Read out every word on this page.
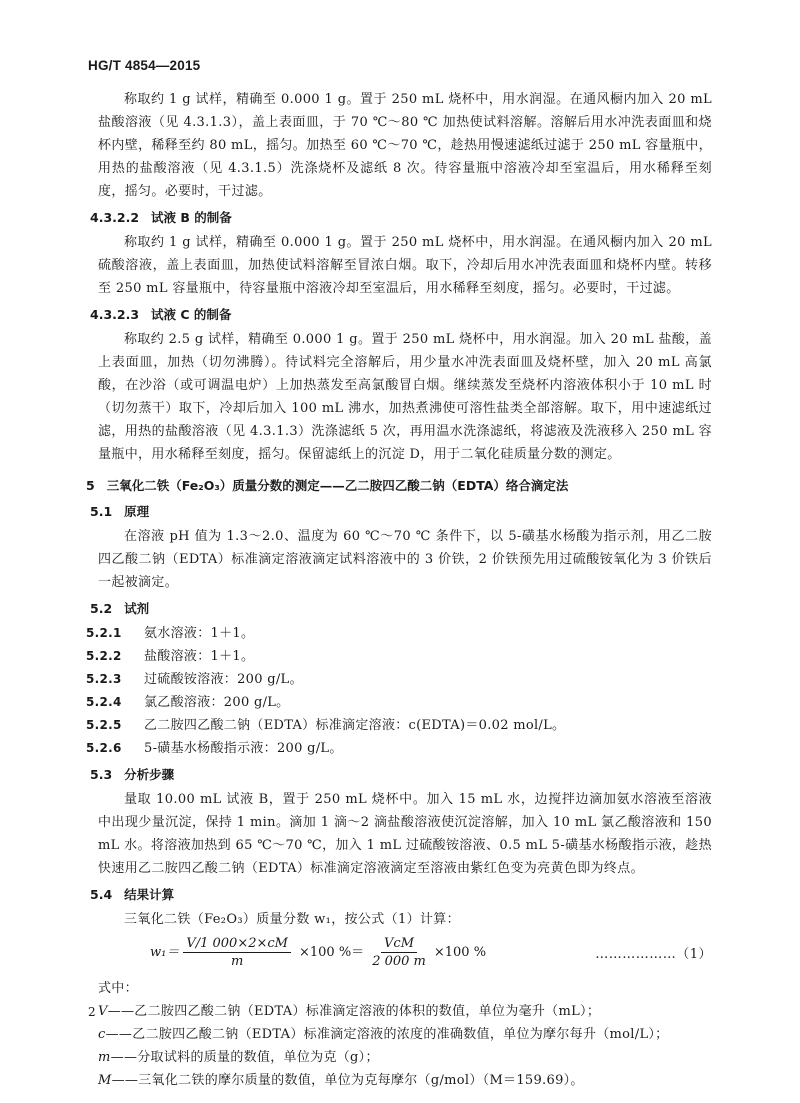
HG/T 4854—2015

称取约 1 g 试样，精确至 0.000 1 g。置于 250 mL 烧杯中，用水润湿。在通风橱内加入 20 mL 盐酸溶液（见 4.3.1.3），盖上表面皿，于 70 ℃～80 ℃ 加热使试料溶解。溶解后用水冲洗表面皿和烧杯内壁，稀释至约 80 mL，摇匀。加热至 60 ℃～70 ℃，趁热用慢速滤纸过滤于 250 mL 容量瓶中，用热的盐酸溶液（见 4.3.1.5）洗涤烧杯及滤纸 8 次。待容量瓶中溶液冷却至室温后，用水稀释至刻度，摇匀。必要时，干过滤。

4.3.2.2 试液 B 的制备

称取约 1 g 试样，精确至 0.000 1 g。置于 250 mL 烧杯中，用水润湿。在通风橱内加入 20 mL 硫酸溶液，盖上表面皿，加热使试料溶解至冒浓白烟。取下，冷却后用水冲洗表面皿和烧杯内壁。转移至 250 mL 容量瓶中，待容量瓶中溶液冷却至室温后，用水稀释至刻度，摇匀。必要时，干过滤。

4.3.2.3 试液 C 的制备

称取约 2.5 g 试样，精确至 0.000 1 g。置于 250 mL 烧杯中，用水润湿。加入 20 mL 盐酸，盖上表面皿，加热（切勿沸腾）。待试料完全溶解后，用少量水冲洗表面皿及烧杯壁，加入 20 mL 高氯酸，在沙浴（或可调温电炉）上加热蒸发至高氯酸冒白烟。继续蒸发至烧杯内溶液体积小于 10 mL 时（切勿蒸干）取下，冷却后加入 100 mL 沸水，加热煮沸使可溶性盐类全部溶解。取下，用中速滤纸过滤，用热的盐酸溶液（见 4.3.1.3）洗涤滤纸 5 次，再用温水洗涤滤纸，将滤液及洗液移入 250 mL 容量瓶中，用水稀释至刻度，摇匀。保留滤纸上的沉淀 D，用于二氧化硅质量分数的测定。

5 三氧化二铁（Fe₂O₃）质量分数的测定——乙二胺四乙酸二钠（EDTA）络合滴定法
5.1 原理

在溶液 pH 值为 1.3～2.0、温度为 60 ℃～70 ℃ 条件下，以 5-磺基水杨酸为指示剂，用乙二胺四乙酸二钠（EDTA）标准滴定溶液滴定试料溶液中的 3 价铁，2 价铁预先用过硫酸铵氧化为 3 价铁后一起被滴定。

5.2 试剂
5.2.1 氨水溶液：1＋1。
5.2.2 盐酸溶液：1＋1。
5.2.3 过硫酸铵溶液：200 g/L。
5.2.4 氯乙酸溶液：200 g/L。
5.2.5 乙二胺四乙酸二钠（EDTA）标准滴定溶液：c(EDTA)＝0.02 mol/L。
5.2.6 5-磺基水杨酸指示液：200 g/L。
5.3 分析步骤

量取 10.00 mL 试液 B，置于 250 mL 烧杯中。加入 15 mL 水，边搅拌边滴加氨水溶液至溶液中出现少量沉淀，保持 1 min。滴加 1 滴～2 滴盐酸溶液使沉淀溶解，加入 10 mL 氯乙酸溶液和 150 mL 水。将溶液加热到 65 ℃～70 ℃，加入 1 mL 过硫酸铵溶液、0.5 mL 5-磺基水杨酸指示液，趁热快速用乙二胺四乙酸二钠（EDTA）标准滴定溶液滴定至溶液由紫红色变为亮黄色即为终点。

5.4 结果计算

三氧化二铁（Fe₂O₃）质量分数 w₁，按公式（1）计算：

$w_1= \frac{V/1 000\times 2\times cM}{m} \times 100$ %＝ $\frac{\text{VcM}}{2 000 m} \times 100$ %	………………（1）

式中：

V——乙二胺四乙酸二钠（EDTA）标准滴定溶液的体积的数值，单位为毫升（mL）；

c——乙二胺四乙酸二钠（EDTA）标准滴定溶液的浓度的准确数值，单位为摩尔每升（mol/L）；

m——分取试料的质量的数值，单位为克（g）；

M——三氧化二铁的摩尔质量的数值，单位为克每摩尔（g/mol）（M＝159.69）。

2
